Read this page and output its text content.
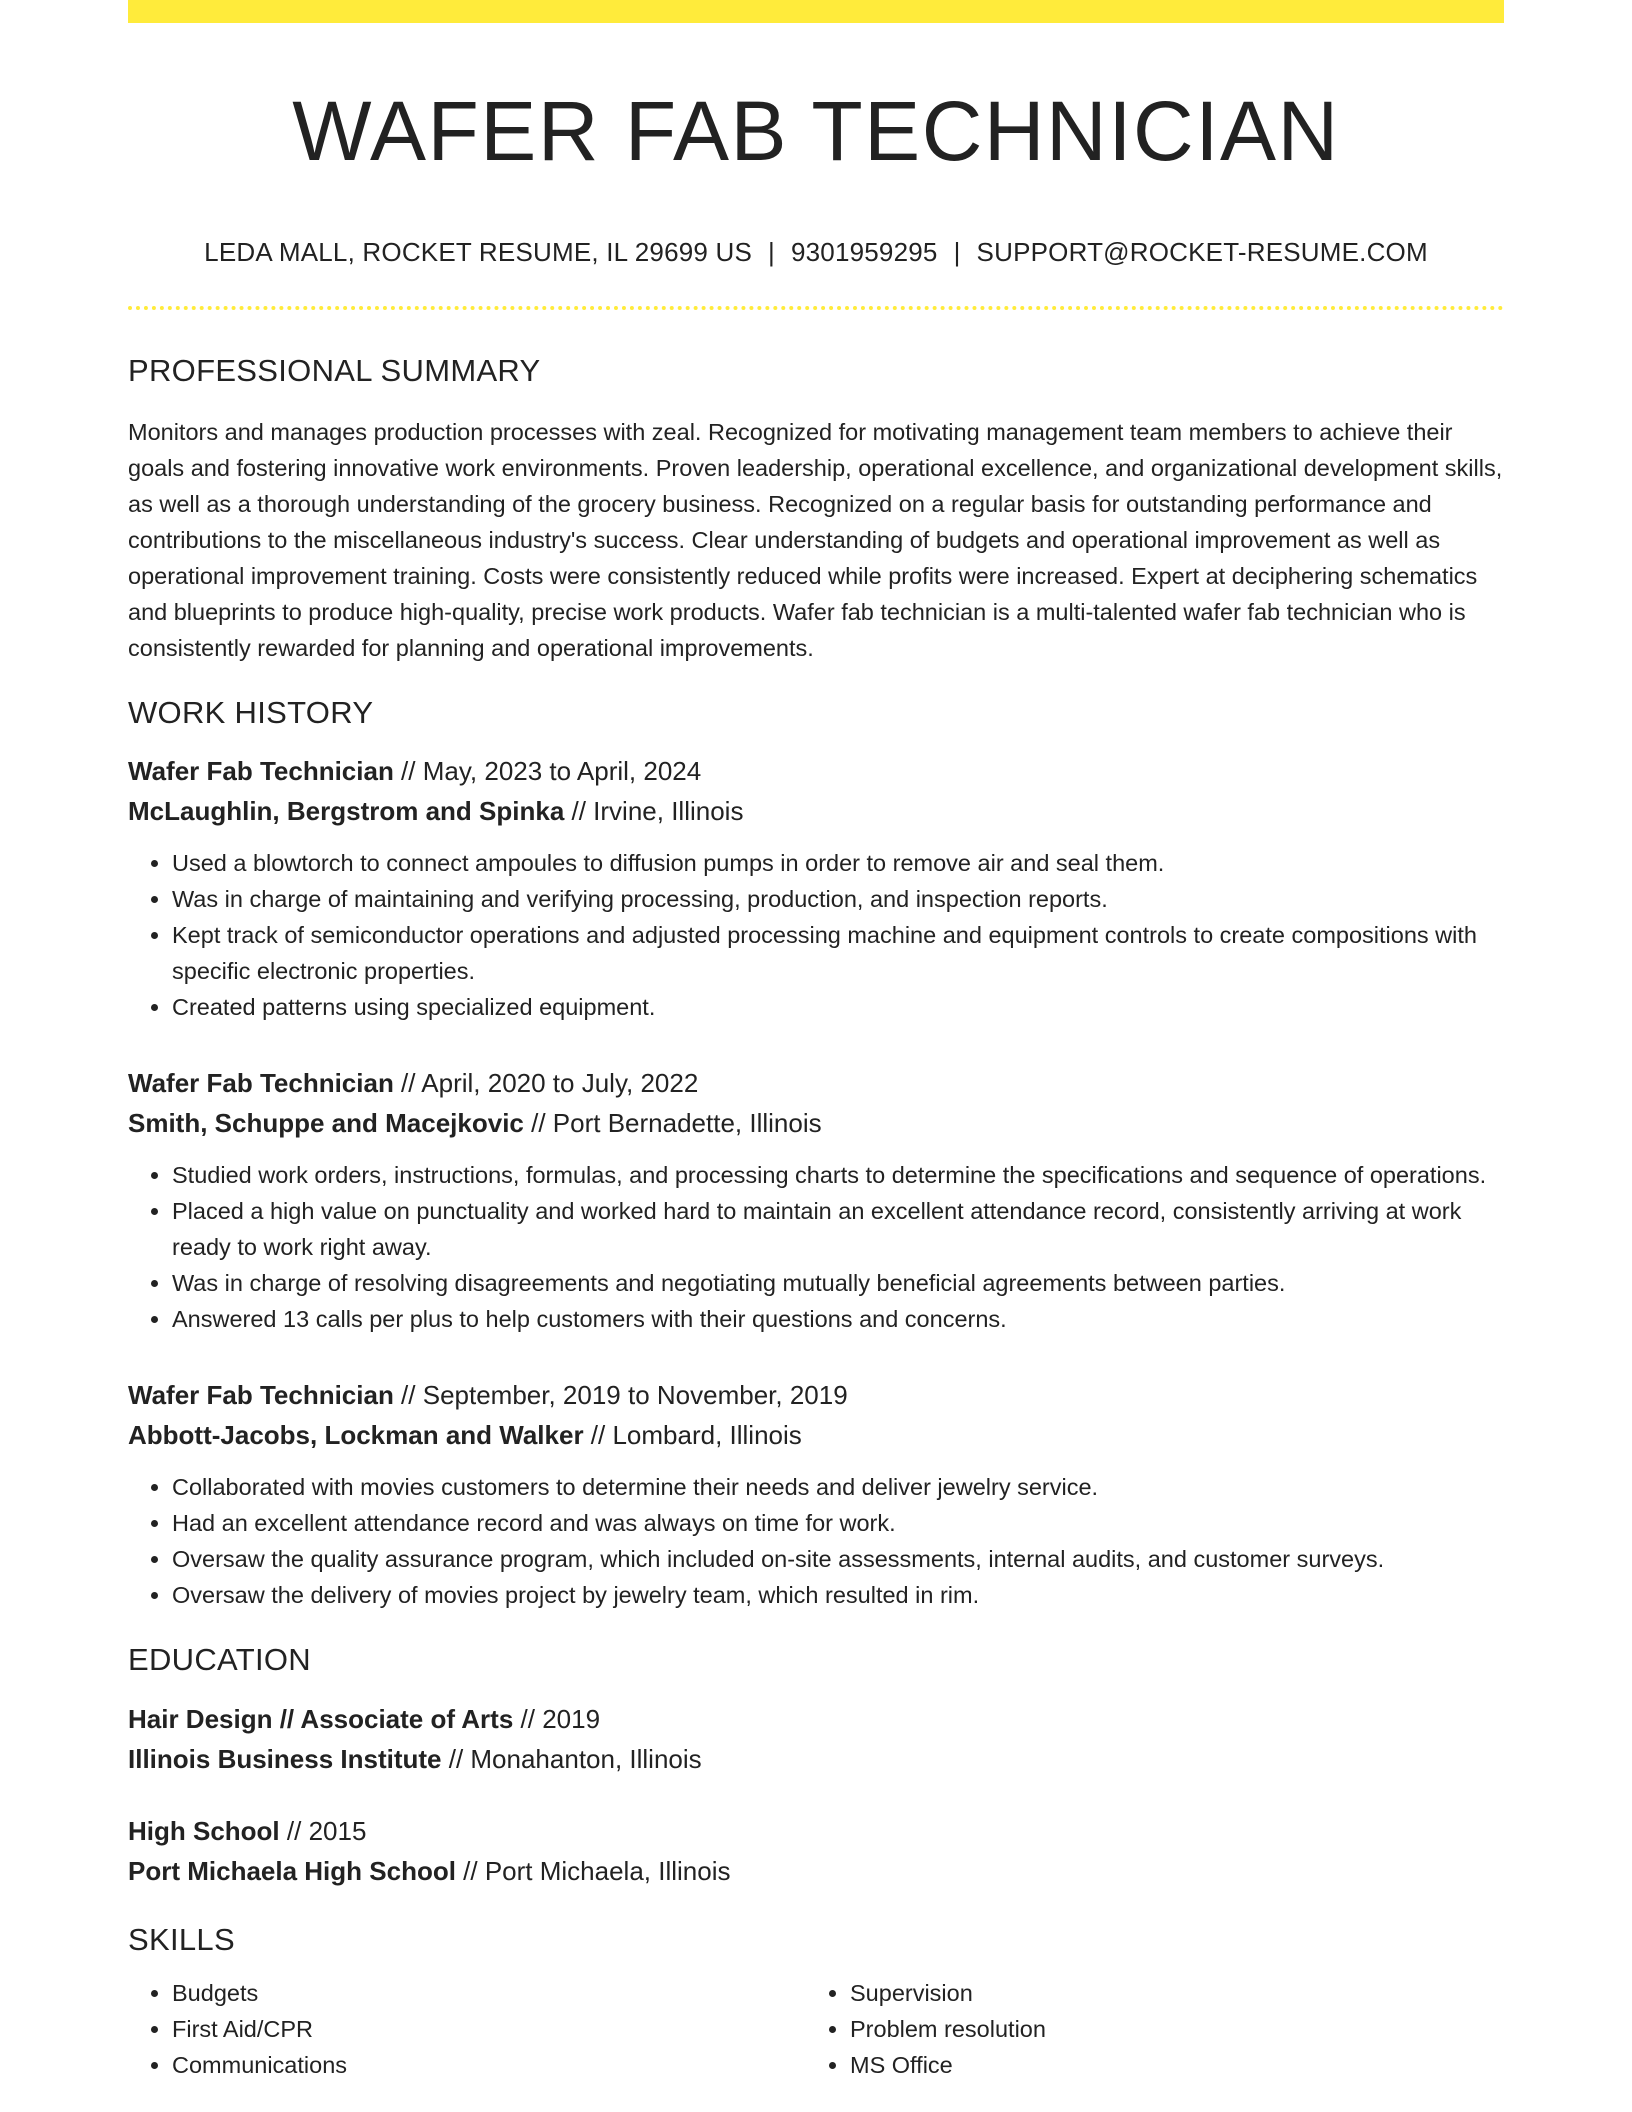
WAFER FAB TECHNICIAN
LEDA MALL, ROCKET RESUME, IL 29699 US | 9301959295 | SUPPORT@ROCKET-RESUME.COM
PROFESSIONAL SUMMARY

Monitors and manages production processes with zeal. Recognized for motivating management team members to achieve their goals and fostering innovative work environments. Proven leadership, operational excellence, and organizational development skills, as well as a thorough understanding of the grocery business. Recognized on a regular basis for outstanding performance and contributions to the miscellaneous industry's success. Clear understanding of budgets and operational improvement as well as operational improvement training. Costs were consistently reduced while profits were increased. Expert at deciphering schematics and blueprints to produce high-quality, precise work products. Wafer fab technician is a multi-talented wafer fab technician who is consistently rewarded for planning and operational improvements.

WORK HISTORY
Wafer Fab Technician // May, 2023 to April, 2024
McLaughlin, Bergstrom and Spinka // Irvine, Illinois
• Used a blowtorch to connect ampoules to diffusion pumps in order to remove air and seal them.
• Was in charge of maintaining and verifying processing, production, and inspection reports.
• Kept track of semiconductor operations and adjusted processing machine and equipment controls to create compositions with specific electronic properties.
• Created patterns using specialized equipment.
Wafer Fab Technician // April, 2020 to July, 2022
Smith, Schuppe and Macejkovic // Port Bernadette, Illinois
• Studied work orders, instructions, formulas, and processing charts to determine the specifications and sequence of operations.
• Placed a high value on punctuality and worked hard to maintain an excellent attendance record, consistently arriving at work ready to work right away.
• Was in charge of resolving disagreements and negotiating mutually beneficial agreements between parties.
• Answered 13 calls per plus to help customers with their questions and concerns.
Wafer Fab Technician // September, 2019 to November, 2019
Abbott-Jacobs, Lockman and Walker // Lombard, Illinois
• Collaborated with movies customers to determine their needs and deliver jewelry service.
• Had an excellent attendance record and was always on time for work.
• Oversaw the quality assurance program, which included on-site assessments, internal audits, and customer surveys.
• Oversaw the delivery of movies project by jewelry team, which resulted in rim.
EDUCATION
Hair Design // Associate of Arts // 2019
Illinois Business Institute // Monahanton, Illinois
High School // 2015
Port Michaela High School // Port Michaela, Illinois
SKILLS
• Budgets
• First Aid/CPR
• Communications
• Supervision
• Problem resolution
• MS Office
